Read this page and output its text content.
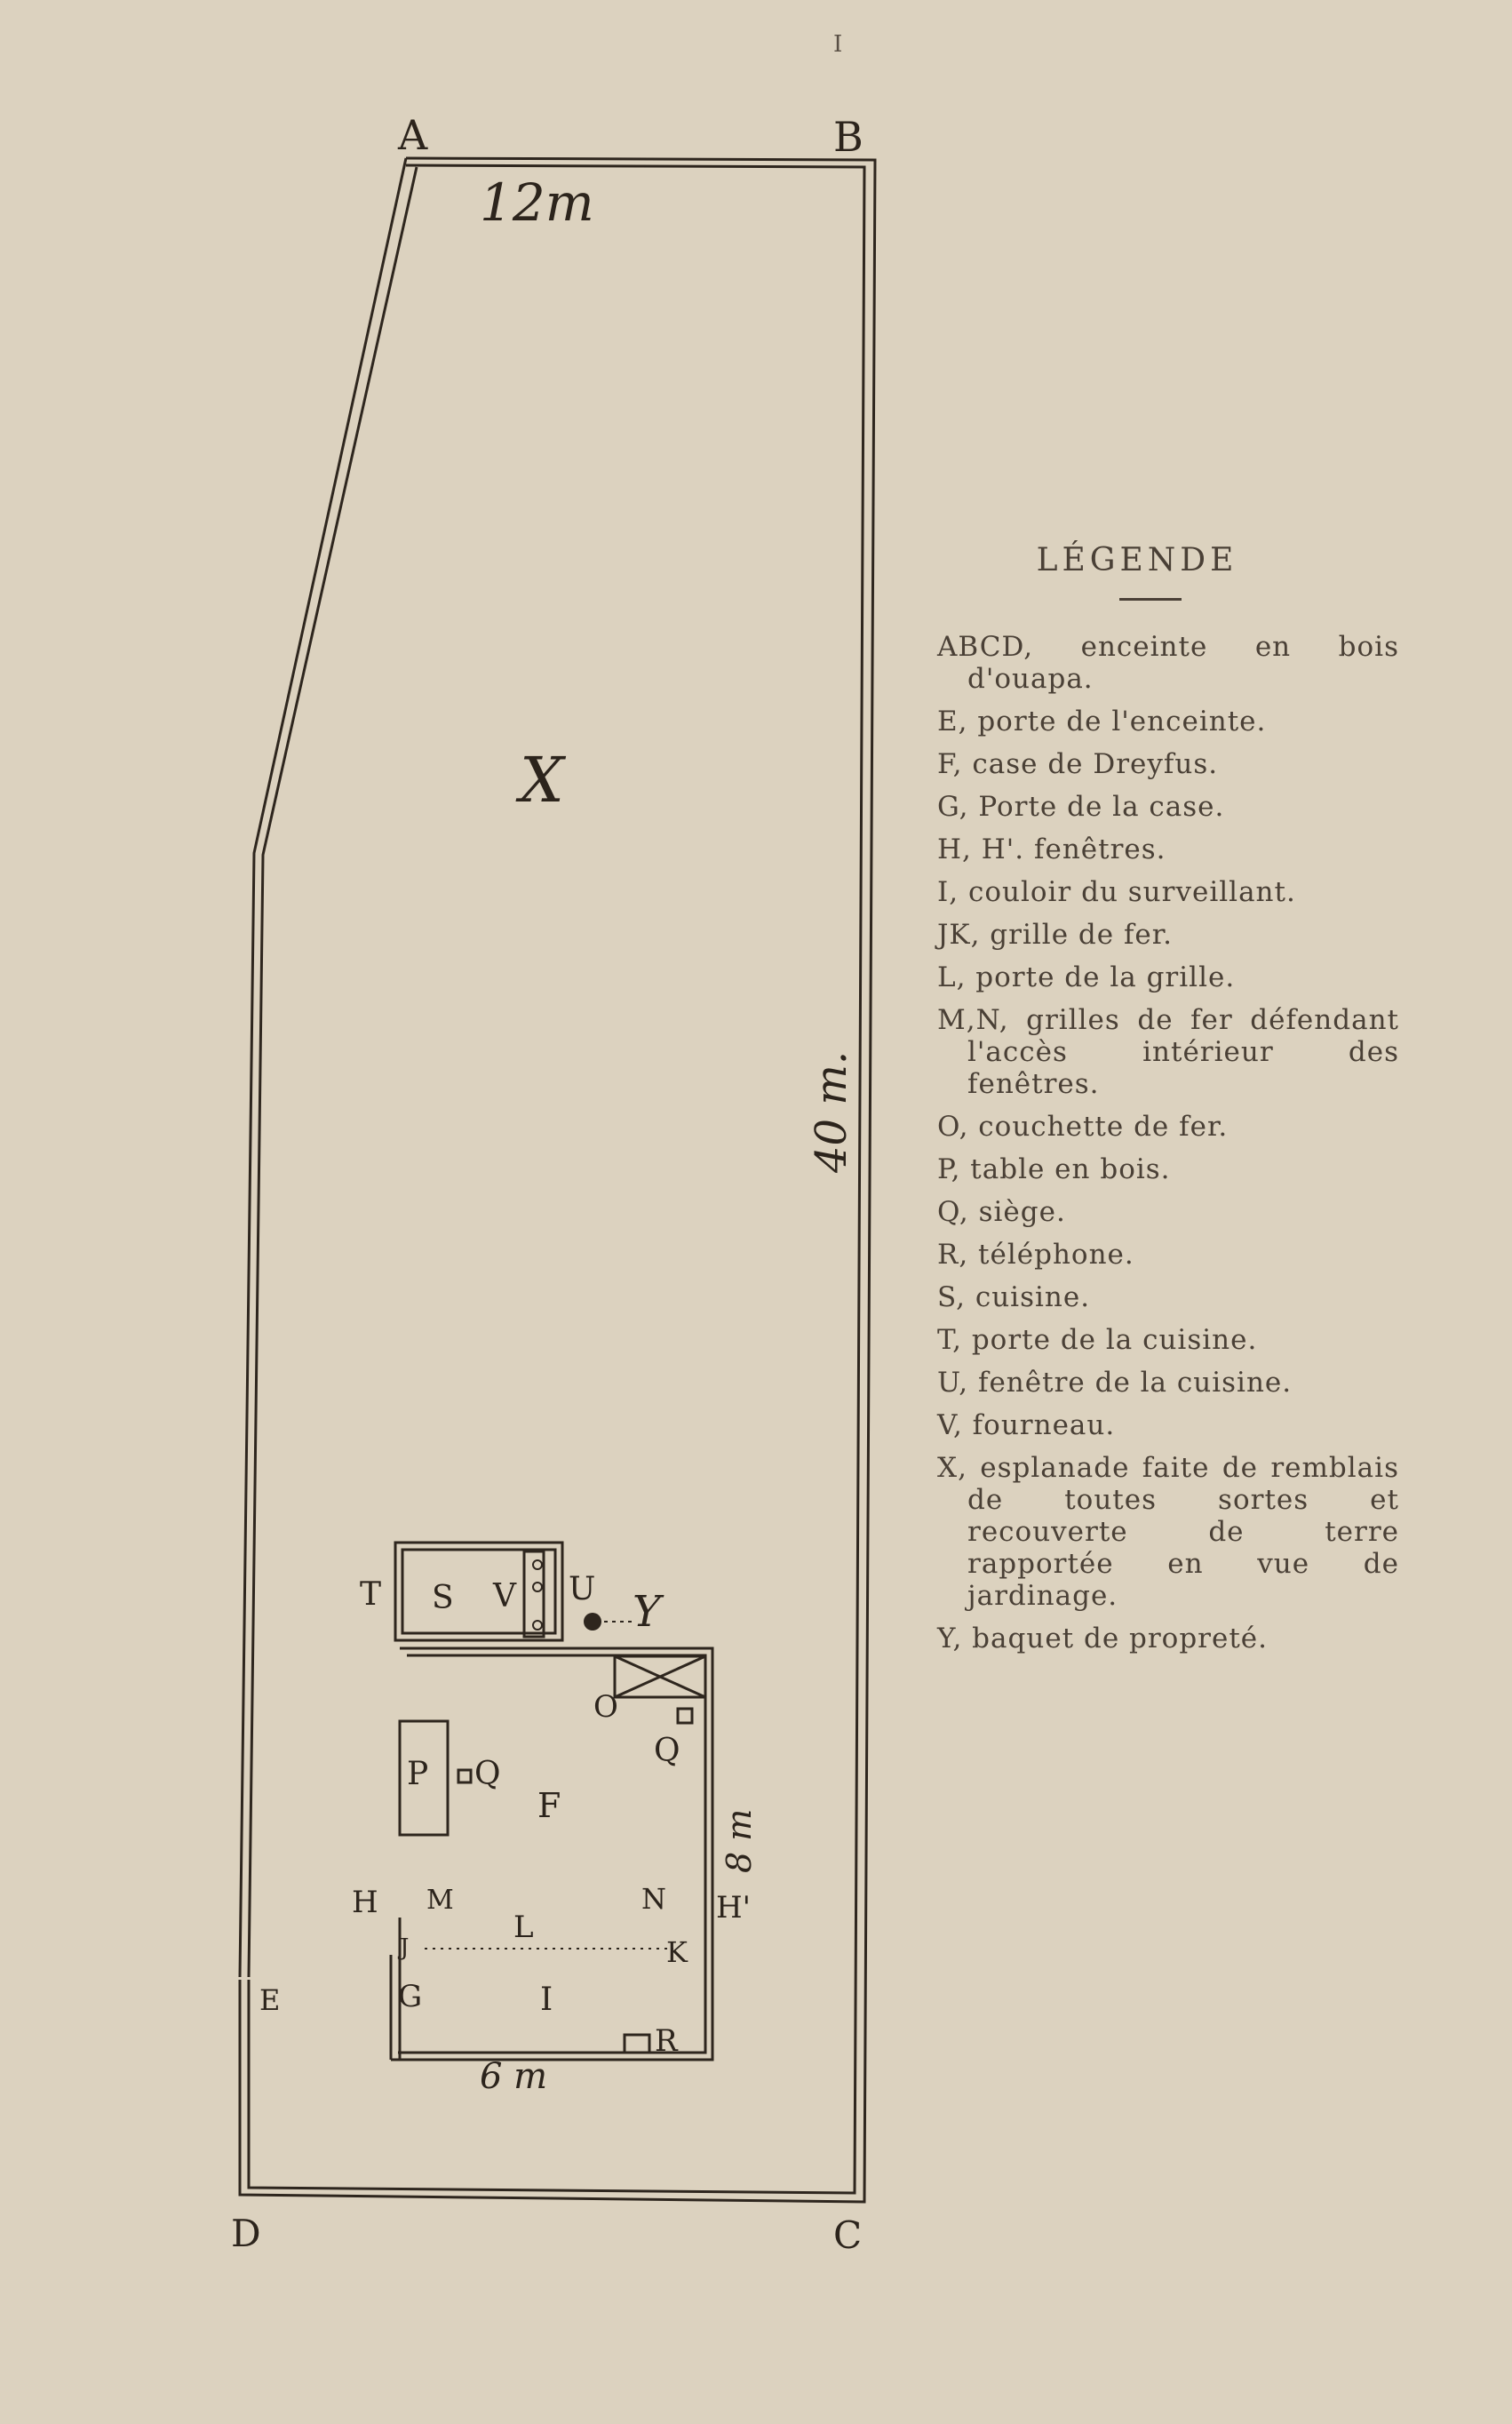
I
A	B
C
D
12m
40 m.
6 m
8 m
X
E
F
G
H	H'
I
J	K
L
M	N
O
P Q
Q
R
S
T	U
V	Y
LÉGENDE
ABCD, enceinte en bois d'ouapa.
E, porte de l'enceinte.
F, case de Dreyfus.
G, Porte de la case.
H, H'. fenêtres.
I, couloir du surveillant.
JK, grille de fer.
L, porte de la grille.
M,N, grilles de fer défendant l'accès intérieur des fenêtres.
O, couchette de fer.
P, table en bois.
Q, siège.
R, téléphone.
S, cuisine.
T, porte de la cuisine.
U, fenêtre de la cuisine.
V, fourneau.
X, esplanade faite de remblais de toutes sortes et recouverte de terre rapportée en vue de jardinage.
Y, baquet de propreté.
